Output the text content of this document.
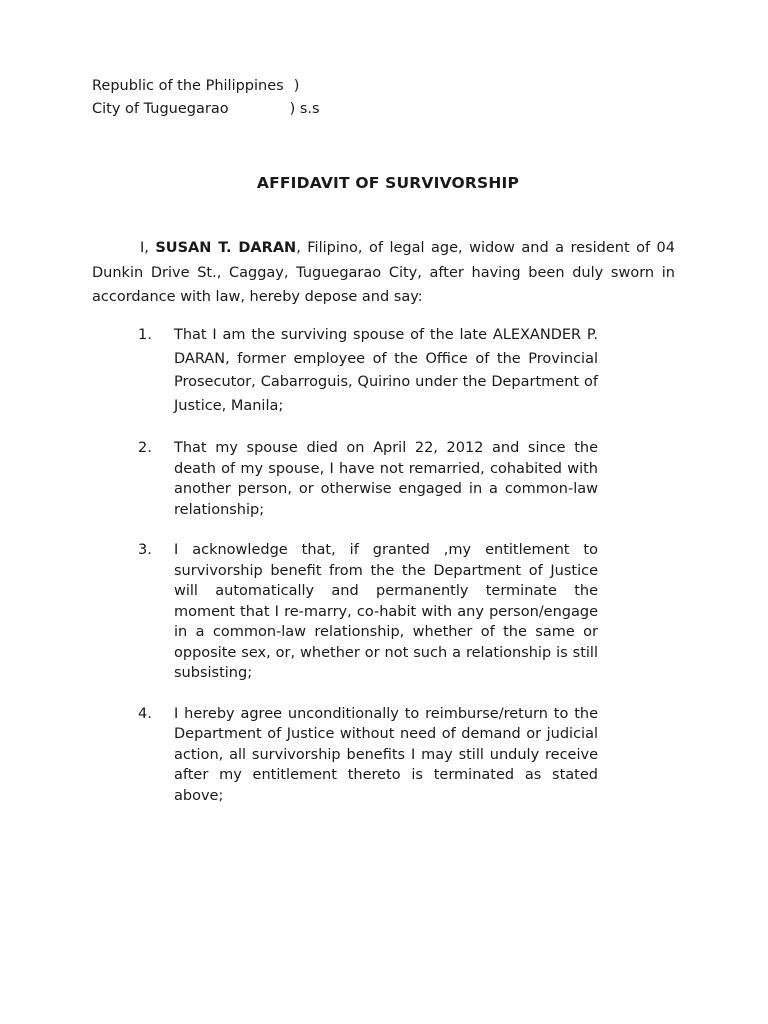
Republic of the Philippines )
City of Tuguegarao	) s.s
AFFIDAVIT OF SURVIVORSHIP
I, SUSAN T. DARAN, Filipino, of legal age, widow and a resident of 04 Dunkin Drive St., Caggay, Tuguegarao City, after having been duly sworn in accordance with law, hereby depose and say:
1. That I am the surviving spouse of the late ALEXANDER P. DARAN, former employee of the Office of the Provincial Prosecutor, Cabarroguis, Quirino under the Department of Justice, Manila;
2. That my spouse died on April 22, 2012 and since the death of my spouse, I have not remarried, cohabited with another person, or otherwise engaged in a common-law relationship;
3. I acknowledge that, if granted ,my entitlement to survivorship benefit from the the Department of Justice will automatically and permanently terminate the moment that I re-marry, co-habit with any person/engage in a common-law relationship, whether of the same or opposite sex, or, whether or not such a relationship is still subsisting;
4. I hereby agree unconditionally to reimburse/return to the Department of Justice without need of demand or judicial action, all survivorship benefits I may still unduly receive after my entitlement thereto is terminated as stated above;
